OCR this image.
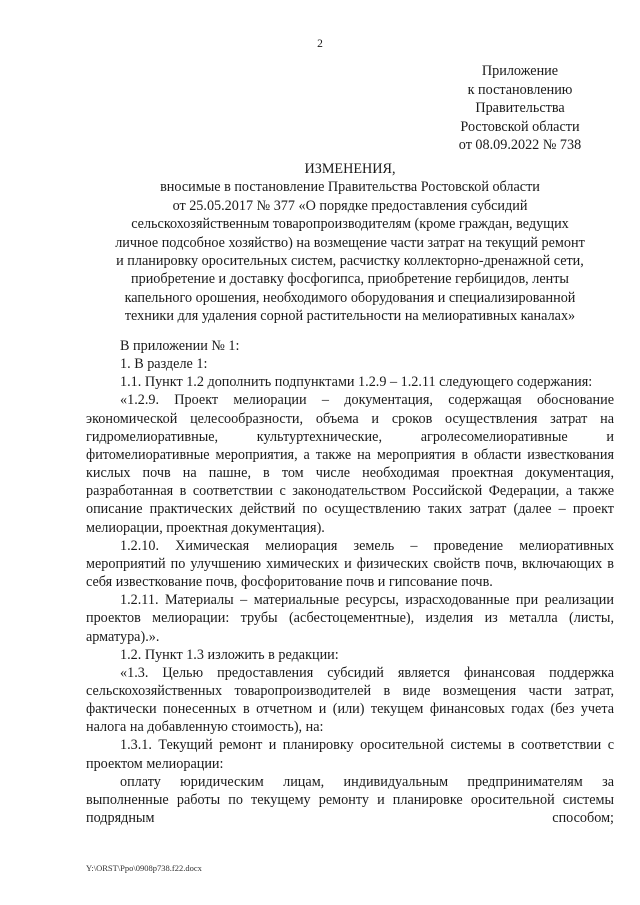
2
Приложение
к постановлению
Правительства
Ростовской области
от 08.09.2022 № 738
ИЗМЕНЕНИЯ,
вносимые в постановление Правительства Ростовской области
от 25.05.2017 № 377 «О порядке предоставления субсидий
сельскохозяйственным товаропроизводителям (кроме граждан, ведущих
личное подсобное хозяйство) на возмещение части затрат на текущий ремонт
и планировку оросительных систем, расчистку коллекторно-дренажной сети,
приобретение и доставку фосфогипса, приобретение гербицидов, ленты
капельного орошения, необходимого оборудования и специализированной
техники для удаления сорной растительности на мелиоративных каналах»

В приложении № 1:

1. В разделе 1:

1.1. Пункт 1.2 дополнить подпунктами 1.2.9 – 1.2.11 следующего содержания:

«1.2.9. Проект мелиорации – документация, содержащая обоснование экономической целесообразности, объема и сроков осуществления затрат на гидромелиоративные, культуртехнические, агролесомелиоративные и фитомелиоративные мероприятия, а также на мероприятия в области известкования кислых почв на пашне, в том числе необходимая проектная документация, разработанная в соответствии с законодательством Российской Федерации, а также описание практических действий по осуществлению таких затрат (далее – проект мелиорации, проектная документация).

1.2.10. Химическая мелиорация земель – проведение мелиоративных мероприятий по улучшению химических и физических свойств почв, включающих в себя известкование почв, фосфоритование почв и гипсование почв.

1.2.11. Материалы – материальные ресурсы, израсходованные при реализации проектов мелиорации: трубы (асбестоцементные), изделия из металла (листы, арматура).».

1.2. Пункт 1.3 изложить в редакции:

«1.3. Целью предоставления субсидий является финансовая поддержка сельскохозяйственных товаропроизводителей в виде возмещения части затрат, фактически понесенных в отчетном и (или) текущем финансовых годах (без учета налога на добавленную стоимость), на:

1.3.1. Текущий ремонт и планировку оросительной системы в соответствии с проектом мелиорации:

оплату юридическим лицам, индивидуальным предпринимателям за выполненные работы по текущему ремонту и планировке оросительной системы подрядным способом;

Y:\ORST\Ppo\0908p738.f22.docx
